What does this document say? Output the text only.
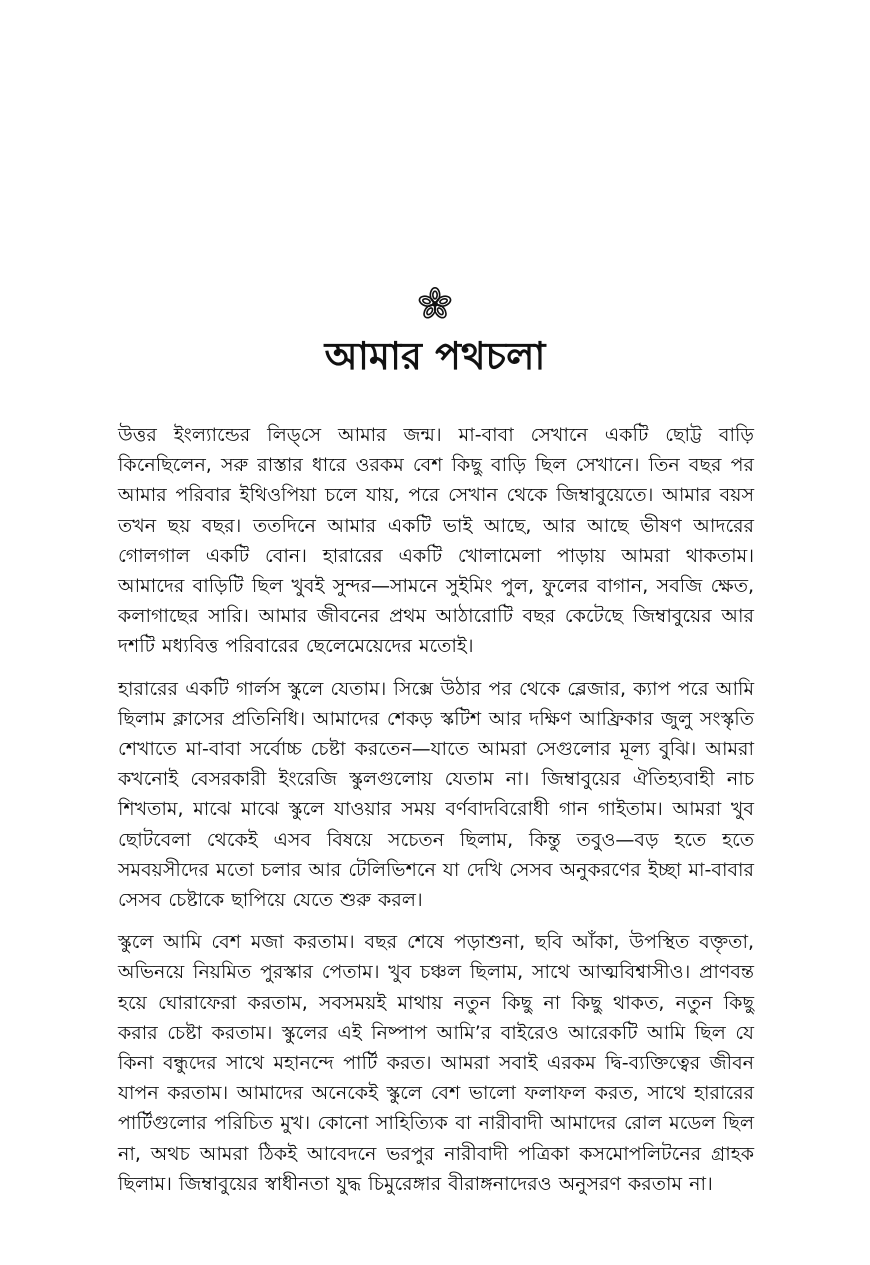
আমার পথচলা

উত্তর ইংল্যান্ডের লিড্‌সে আমার জন্ম। মা-বাবা সেখানে একটি ছোট্ট বাড়ি কিনেছিলেন, সরু রাস্তার ধারে ওরকম বেশ কিছু বাড়ি ছিল সেখানে। তিন বছর পর আমার পরিবার ইথিওপিয়া চলে যায়, পরে সেখান থেকে জিম্বাবুয়েতে। আমার বয়স তখন ছয় বছর। ততদিনে আমার একটি ভাই আছে, আর আছে ভীষণ আদরের গোলগাল একটি বোন। হারারের একটি খোলামেলা পাড়ায় আমরা থাকতাম। আমাদের বাড়িটি ছিল খুবই সুন্দর—সামনে সুইমিং পুল, ফুলের বাগান, সবজি ক্ষেত, কলাগাছের সারি। আমার জীবনের প্রথম আঠারোটি বছর কেটেছে জিম্বাবুয়ের আর দশটি মধ্যবিত্ত পরিবারের ছেলেমেয়েদের মতোই।

হারারের একটি গার্লস স্কুলে যেতাম। সিক্সে উঠার পর থেকে ব্লেজার, ক্যাপ পরে আমি ছিলাম ক্লাসের প্রতিনিধি। আমাদের শেকড় স্কটিশ আর দক্ষিণ আফ্রিকার জুলু সংস্কৃতি শেখাতে মা-বাবা সর্বোচ্চ চেষ্টা করতেন—যাতে আমরা সেগুলোর মূল্য বুঝি। আমরা কখনোই বেসরকারী ইংরেজি স্কুলগুলোয় যেতাম না। জিম্বাবুয়ের ঐতিহ্যবাহী নাচ শিখতাম, মাঝে মাঝে স্কুলে যাওয়ার সময় বর্ণবাদবিরোধী গান গাইতাম। আমরা খুব ছোটবেলা থেকেই এসব বিষয়ে সচেতন ছিলাম, কিন্তু তবুও—বড় হতে হতে সমবয়সীদের মতো চলার আর টেলিভিশনে যা দেখি সেসব অনুকরণের ইচ্ছা মা-বাবার সেসব চেষ্টাকে ছাপিয়ে যেতে শুরু করল।

স্কুলে আমি বেশ মজা করতাম। বছর শেষে পড়াশুনা, ছবি আঁকা, উপস্থিত বক্তৃতা, অভিনয়ে নিয়মিত পুরস্কার পেতাম। খুব চঞ্চল ছিলাম, সাথে আত্মবিশ্বাসীও। প্রাণবন্ত হয়ে ঘোরাফেরা করতাম, সবসময়ই মাথায় নতুন কিছু না কিছু থাকত, নতুন কিছু করার চেষ্টা করতাম। স্কুলের এই নিষ্পাপ আমি’র বাইরেও আরেকটি আমি ছিল যে কিনা বন্ধুদের সাথে মহানন্দে পার্টি করত। আমরা সবাই এরকম দ্বি-ব্যক্তিত্বের জীবন যাপন করতাম। আমাদের অনেকেই স্কুলে বেশ ভালো ফলাফল করত, সাথে হারারের পার্টিগুলোর পরিচিত মুখ। কোনো সাহিত্যিক বা নারীবাদী আমাদের রোল মডেল ছিল না, অথচ আমরা ঠিকই আবেদনে ভরপুর নারীবাদী পত্রিকা কসমোপলিটনের গ্রাহক ছিলাম। জিম্বাবুয়ের স্বাধীনতা যুদ্ধ চিমুরেঙ্গার বীরাঙ্গনাদেরও অনুসরণ করতাম না।
